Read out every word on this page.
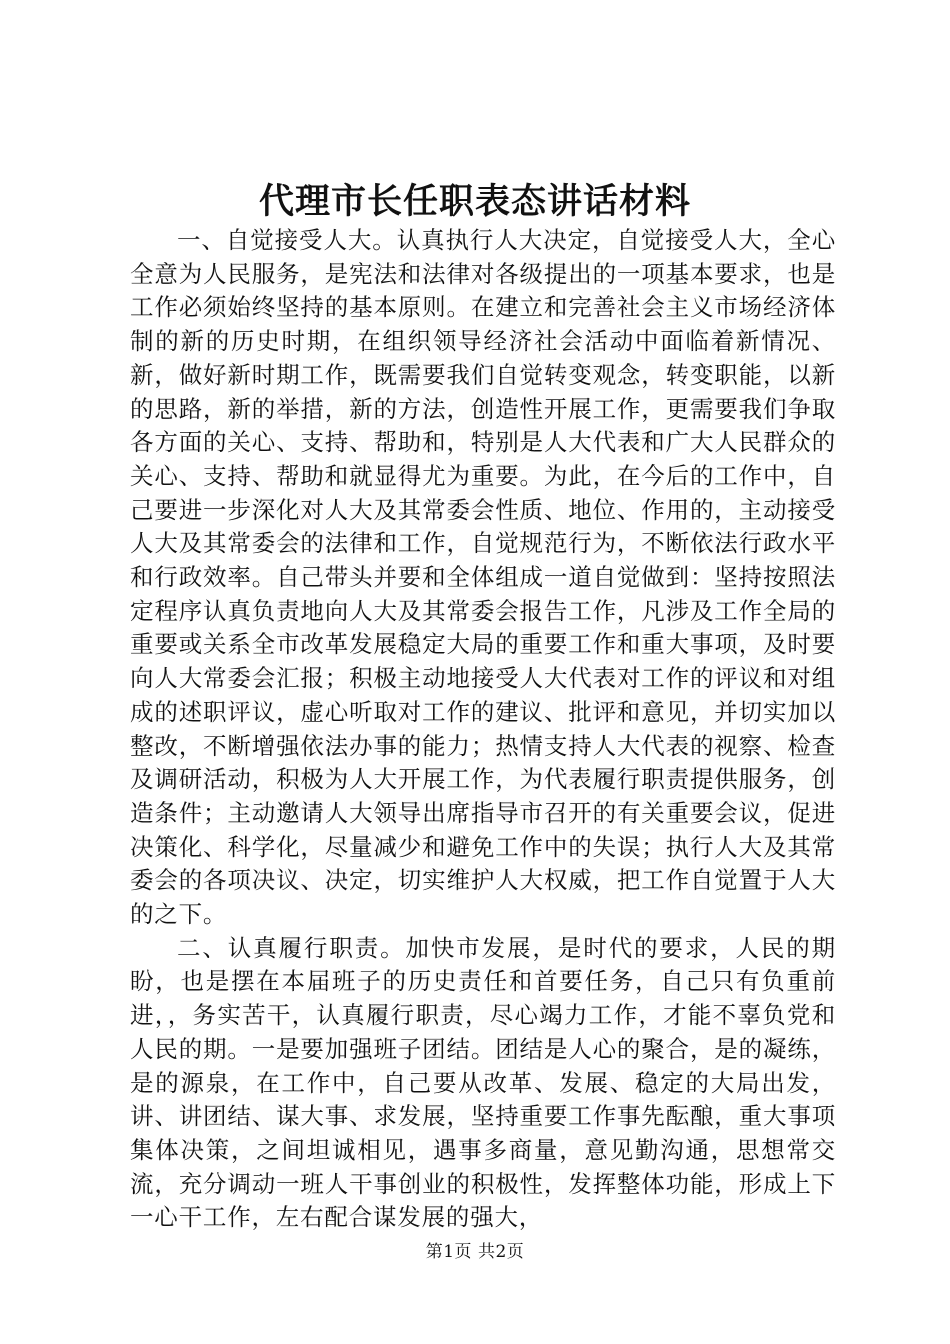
代理市长任职表态讲话材料

一、自觉接受人大。认真执行人大决定，自觉接受人大，全心全意为人民服务，是宪法和法律对各级提出的一项基本要求，也是工作必须始终坚持的基本原则。在建立和完善社会主义市场经济体制的新的历史时期，在组织领导经济社会活动中面临着新情况、新，做好新时期工作，既需要我们自觉转变观念，转变职能，以新的思路，新的举措，新的方法，创造性开展工作，更需要我们争取各方面的关心、支持、帮助和，特别是人大代表和广大人民群众的关心、支持、帮助和就显得尤为重要。为此，在今后的工作中，自己要进一步深化对人大及其常委会性质、地位、作用的，主动接受人大及其常委会的法律和工作，自觉规范行为，不断依法行政水平和行政效率。自己带头并要和全体组成一道自觉做到：坚持按照法定程序认真负责地向人大及其常委会报告工作，凡涉及工作全局的重要或关系全市改革发展稳定大局的重要工作和重大事项，及时要向人大常委会汇报；积极主动地接受人大代表对工作的评议和对组成的述职评议，虚心听取对工作的建议、批评和意见，并切实加以整改，不断增强依法办事的能力；热情支持人大代表的视察、检查及调研活动，积极为人大开展工作，为代表履行职责提供服务，创造条件；主动邀请人大领导出席指导市召开的有关重要会议，促进决策化、科学化，尽量减少和避免工作中的失误；执行人大及其常委会的各项决议、决定，切实维护人大权威，把工作自觉置于人大的之下。

二、认真履行职责。加快市发展，是时代的要求，人民的期盼，也是摆在本届班子的历史责任和首要任务，自己只有负重前进，，务实苦干，认真履行职责，尽心竭力工作，才能不辜负党和人民的期。一是要加强班子团结。团结是人心的聚合，是的凝练，是的源泉，在工作中，自己要从改革、发展、稳定的大局出发，讲、讲团结、谋大事、求发展，坚持重要工作事先酝酿，重大事项集体决策，之间坦诚相见，遇事多商量，意见勤沟通，思想常交流，充分调动一班人干事创业的积极性，发挥整体功能，形成上下一心干工作，左右配合谋发展的强大，

第1页 共2页
